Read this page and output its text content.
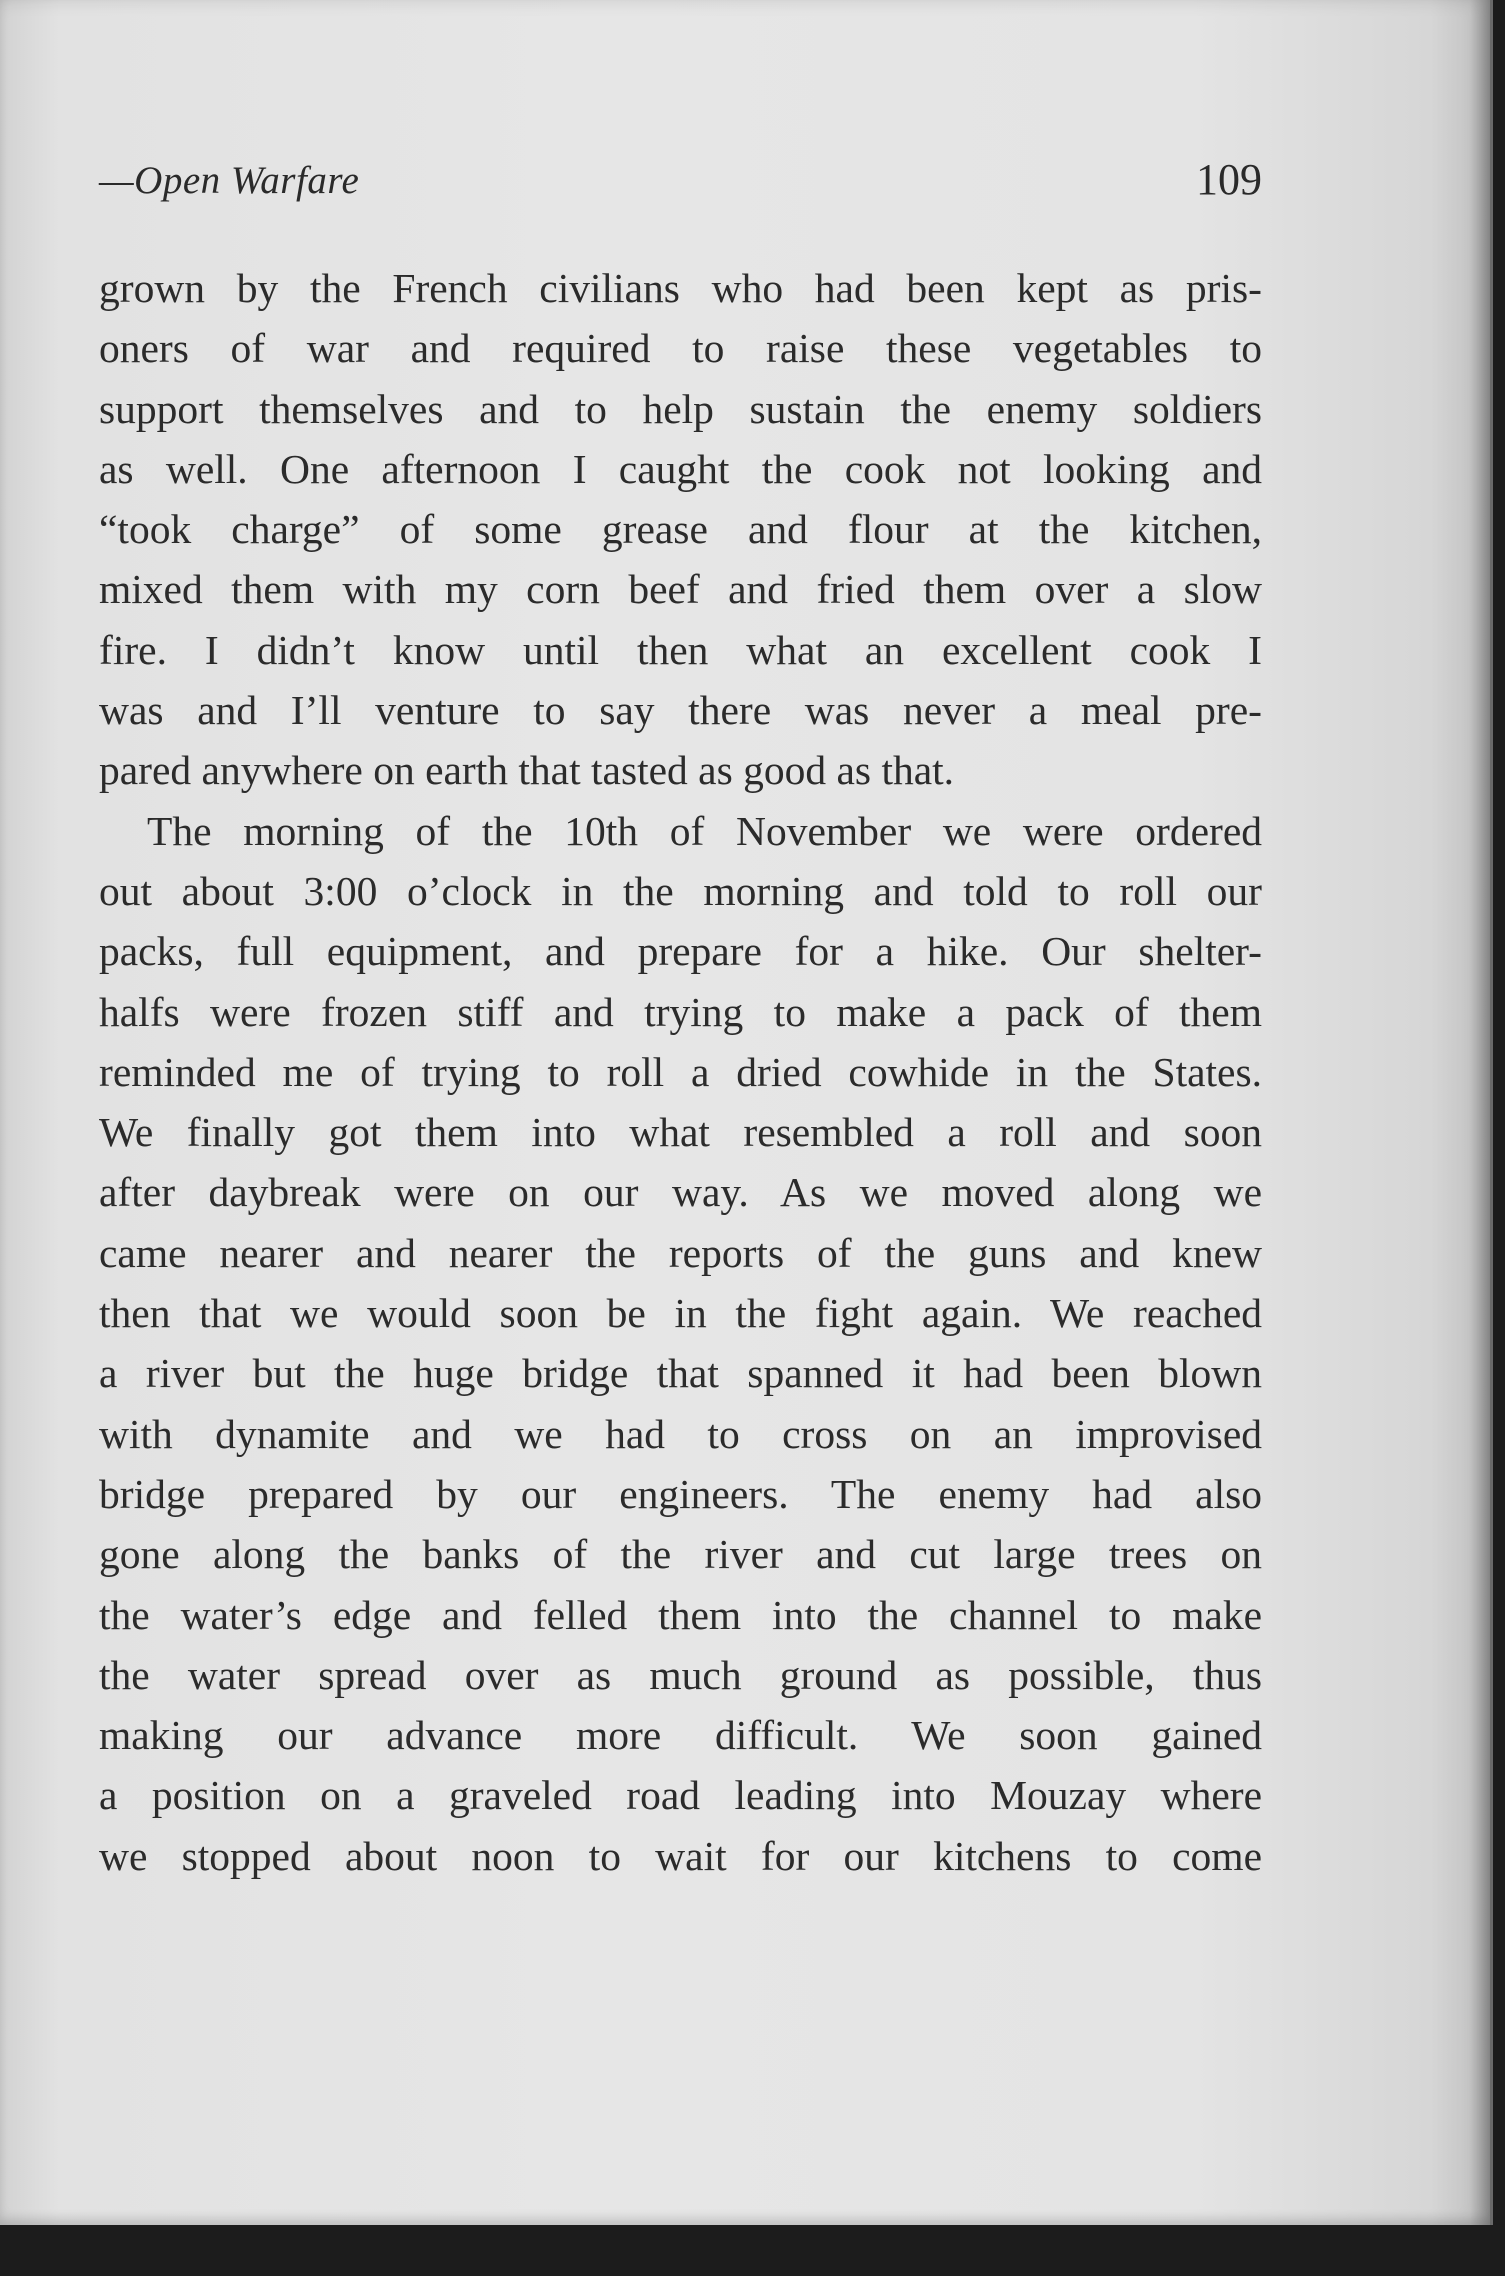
—Open Warfare	109
grown by the French civilians who had been kept as pris-
oners of war and required to raise these vegetables to
support themselves and to help sustain the enemy soldiers
as well. One afternoon I caught the cook not looking and
“took charge” of some grease and flour at the kitchen,
mixed them with my corn beef and fried them over a slow
fire. I didn’t know until then what an excellent cook I
was and I’ll venture to say there was never a meal pre-
pared anywhere on earth that tasted as good as that.
The morning of the 10th of November we were ordered
out about 3:00 o’clock in the morning and told to roll our
packs, full equipment, and prepare for a hike. Our shelter-
halfs were frozen stiff and trying to make a pack of them
reminded me of trying to roll a dried cowhide in the States.
We finally got them into what resembled a roll and soon
after daybreak were on our way. As we moved along we
came nearer and nearer the reports of the guns and knew
then that we would soon be in the fight again. We reached
a river but the huge bridge that spanned it had been blown
with dynamite and we had to cross on an improvised
bridge prepared by our engineers. The enemy had also
gone along the banks of the river and cut large trees on
the water’s edge and felled them into the channel to make
the water spread over as much ground as possible, thus
making our advance more difficult. We soon gained
a position on a graveled road leading into Mouzay where
we stopped about noon to wait for our kitchens to come
